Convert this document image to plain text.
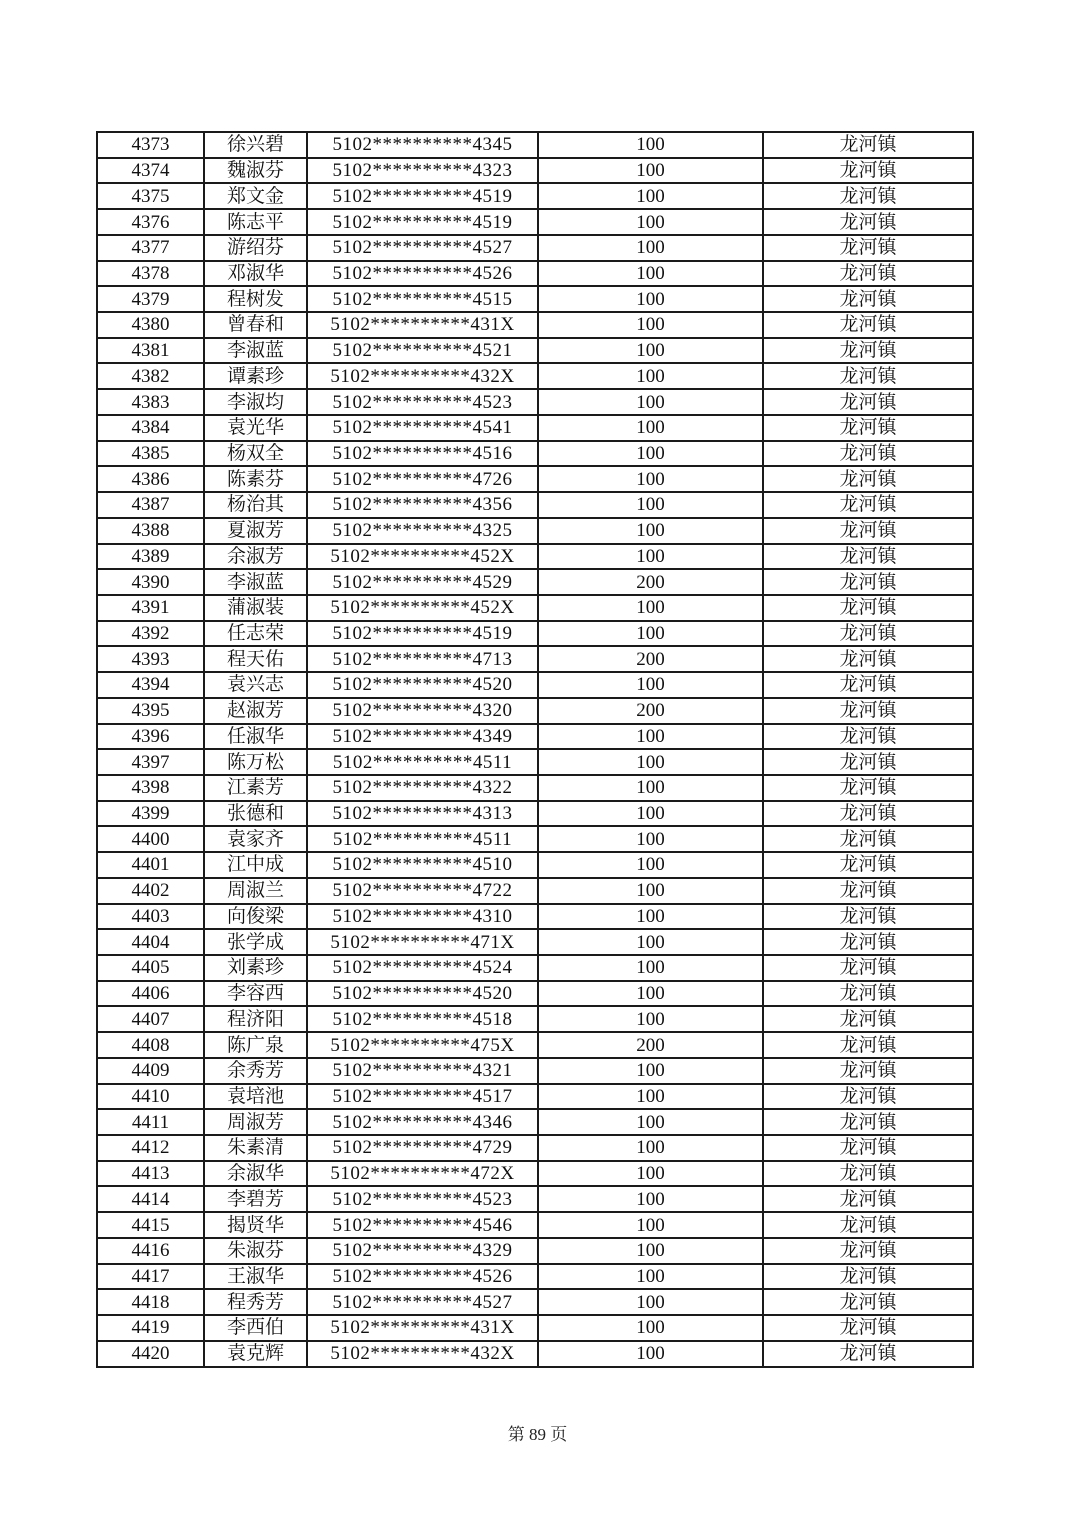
4373	徐兴碧	5102**********4345	100	龙河镇
4374	魏淑芬	5102**********4323	100	龙河镇
4375	郑文金	5102**********4519	100	龙河镇
4376	陈志平	5102**********4519	100	龙河镇
4377	游绍芬	5102**********4527	100	龙河镇
4378	邓淑华	5102**********4526	100	龙河镇
4379	程树发	5102**********4515	100	龙河镇
4380	曾春和	5102**********431X	100	龙河镇
4381	李淑蓝	5102**********4521	100	龙河镇
4382	谭素珍	5102**********432X	100	龙河镇
4383	李淑均	5102**********4523	100	龙河镇
4384	袁光华	5102**********4541	100	龙河镇
4385	杨双全	5102**********4516	100	龙河镇
4386	陈素芬	5102**********4726	100	龙河镇
4387	杨治其	5102**********4356	100	龙河镇
4388	夏淑芳	5102**********4325	100	龙河镇
4389	余淑芳	5102**********452X	100	龙河镇
4390	李淑蓝	5102**********4529	200	龙河镇
4391	蒲淑装	5102**********452X	100	龙河镇
4392	任志荣	5102**********4519	100	龙河镇
4393	程天佑	5102**********4713	200	龙河镇
4394	袁兴志	5102**********4520	100	龙河镇
4395	赵淑芳	5102**********4320	200	龙河镇
4396	任淑华	5102**********4349	100	龙河镇
4397	陈万松	5102**********4511	100	龙河镇
4398	江素芳	5102**********4322	100	龙河镇
4399	张德和	5102**********4313	100	龙河镇
4400	袁家齐	5102**********4511	100	龙河镇
4401	江中成	5102**********4510	100	龙河镇
4402	周淑兰	5102**********4722	100	龙河镇
4403	向俊梁	5102**********4310	100	龙河镇
4404	张学成	5102**********471X	100	龙河镇
4405	刘素珍	5102**********4524	100	龙河镇
4406	李容西	5102**********4520	100	龙河镇
4407	程济阳	5102**********4518	100	龙河镇
4408	陈广泉	5102**********475X	200	龙河镇
4409	余秀芳	5102**********4321	100	龙河镇
4410	袁培池	5102**********4517	100	龙河镇
4411	周淑芳	5102**********4346	100	龙河镇
4412	朱素清	5102**********4729	100	龙河镇
4413	余淑华	5102**********472X	100	龙河镇
4414	李碧芳	5102**********4523	100	龙河镇
4415	揭贤华	5102**********4546	100	龙河镇
4416	朱淑芬	5102**********4329	100	龙河镇
4417	王淑华	5102**********4526	100	龙河镇
4418	程秀芳	5102**********4527	100	龙河镇
4419	李西伯	5102**********431X	100	龙河镇
4420	袁克辉	5102**********432X	100	龙河镇
第 89 页
